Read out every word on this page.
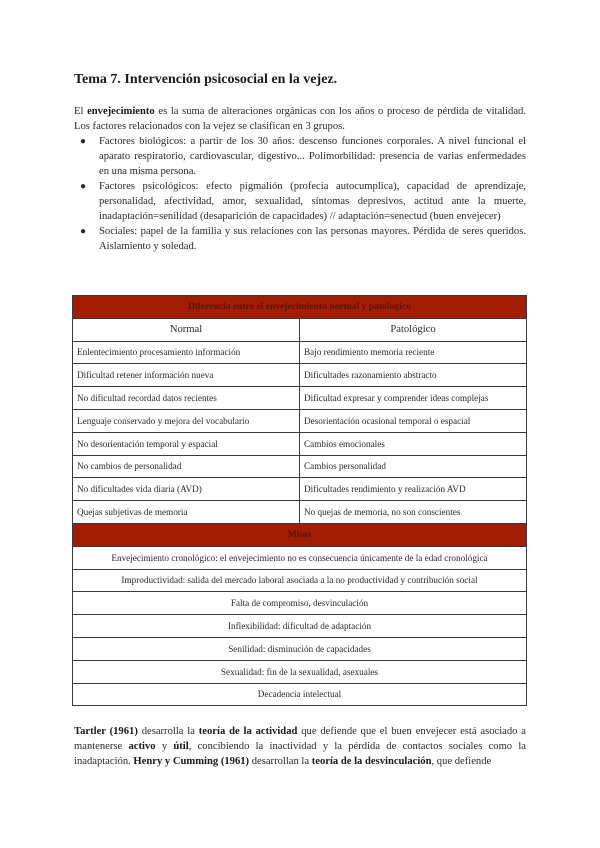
Tema 7. Intervención psicosocial en la vejez.

El envejecimiento es la suma de alteraciones orgánicas con los años o proceso de pérdida de vitalidad. Los factores relacionados con la vejez se clasifican en 3 grupos.

● Factores biológicos: a partir de los 30 años: descenso funciones corporales. A nivel funcional el aparato respiratorio, cardiovascular, digestivo... Polimorbilidad: presencia de varias enfermedades en una misma persona.
● Factores psicológicos: efecto pigmalión (profecía autocumplica), capacidad de aprendizaje, personalidad, afectividad, amor, sexualidad, síntomas depresivos, actitud ante la muerte, inadaptación=senilidad (desaparición de capacidades) // adaptación=senectud (buen envejecer)
● Sociales: papel de la familia y sus relaciones con las personas mayores. Pérdida de seres queridos. Aislamiento y soledad.
Diferencia entre el envejecimiento normal y patológico	
Normal	Patológico
Enlentecimiento procesamiento información	Bajo rendimiento memoria reciente
Dificultad retener información nueva	Dificultades razonamiento abstracto
No dificultad recordad datos recientes	Dificultad expresar y comprender ideas complejas
Lenguaje conservado y mejora del vocabulario	Desorientación ocasional temporal o espacial
No desorientación temporal y espacial	Cambios emocionales
No cambios de personalidad	Cambios personalidad
No dificultades vida diaria (AVD)	Dificultades rendimiento y realización AVD
Quejas subjetivas de memoria	No quejas de memoria, no son conscientes
Mitos	
Envejecimiento cronológico: el envejecimiento no es consecuencia únicamente de la edad cronológica	
Improductividad: salida del mercado laboral asociada a la no productividad y contribución social	
Falta de compromiso, desvinculación	
Inflexibilidad: dificultad de adaptación	
Senilidad: disminución de capacidades	
Sexualidad: fin de la sexualidad, asexuales	
Decadencia intelectual	

Tartler (1961) desarrolla la teoría de la actividad que defiende que el buen envejecer está asociado a mantenerse activo y útil, concibiendo la inactividad y la pérdida de contactos sociales como la inadaptación. Henry y Cumming (1961) desarrollan la teoría de la desvinculación, que defiende
